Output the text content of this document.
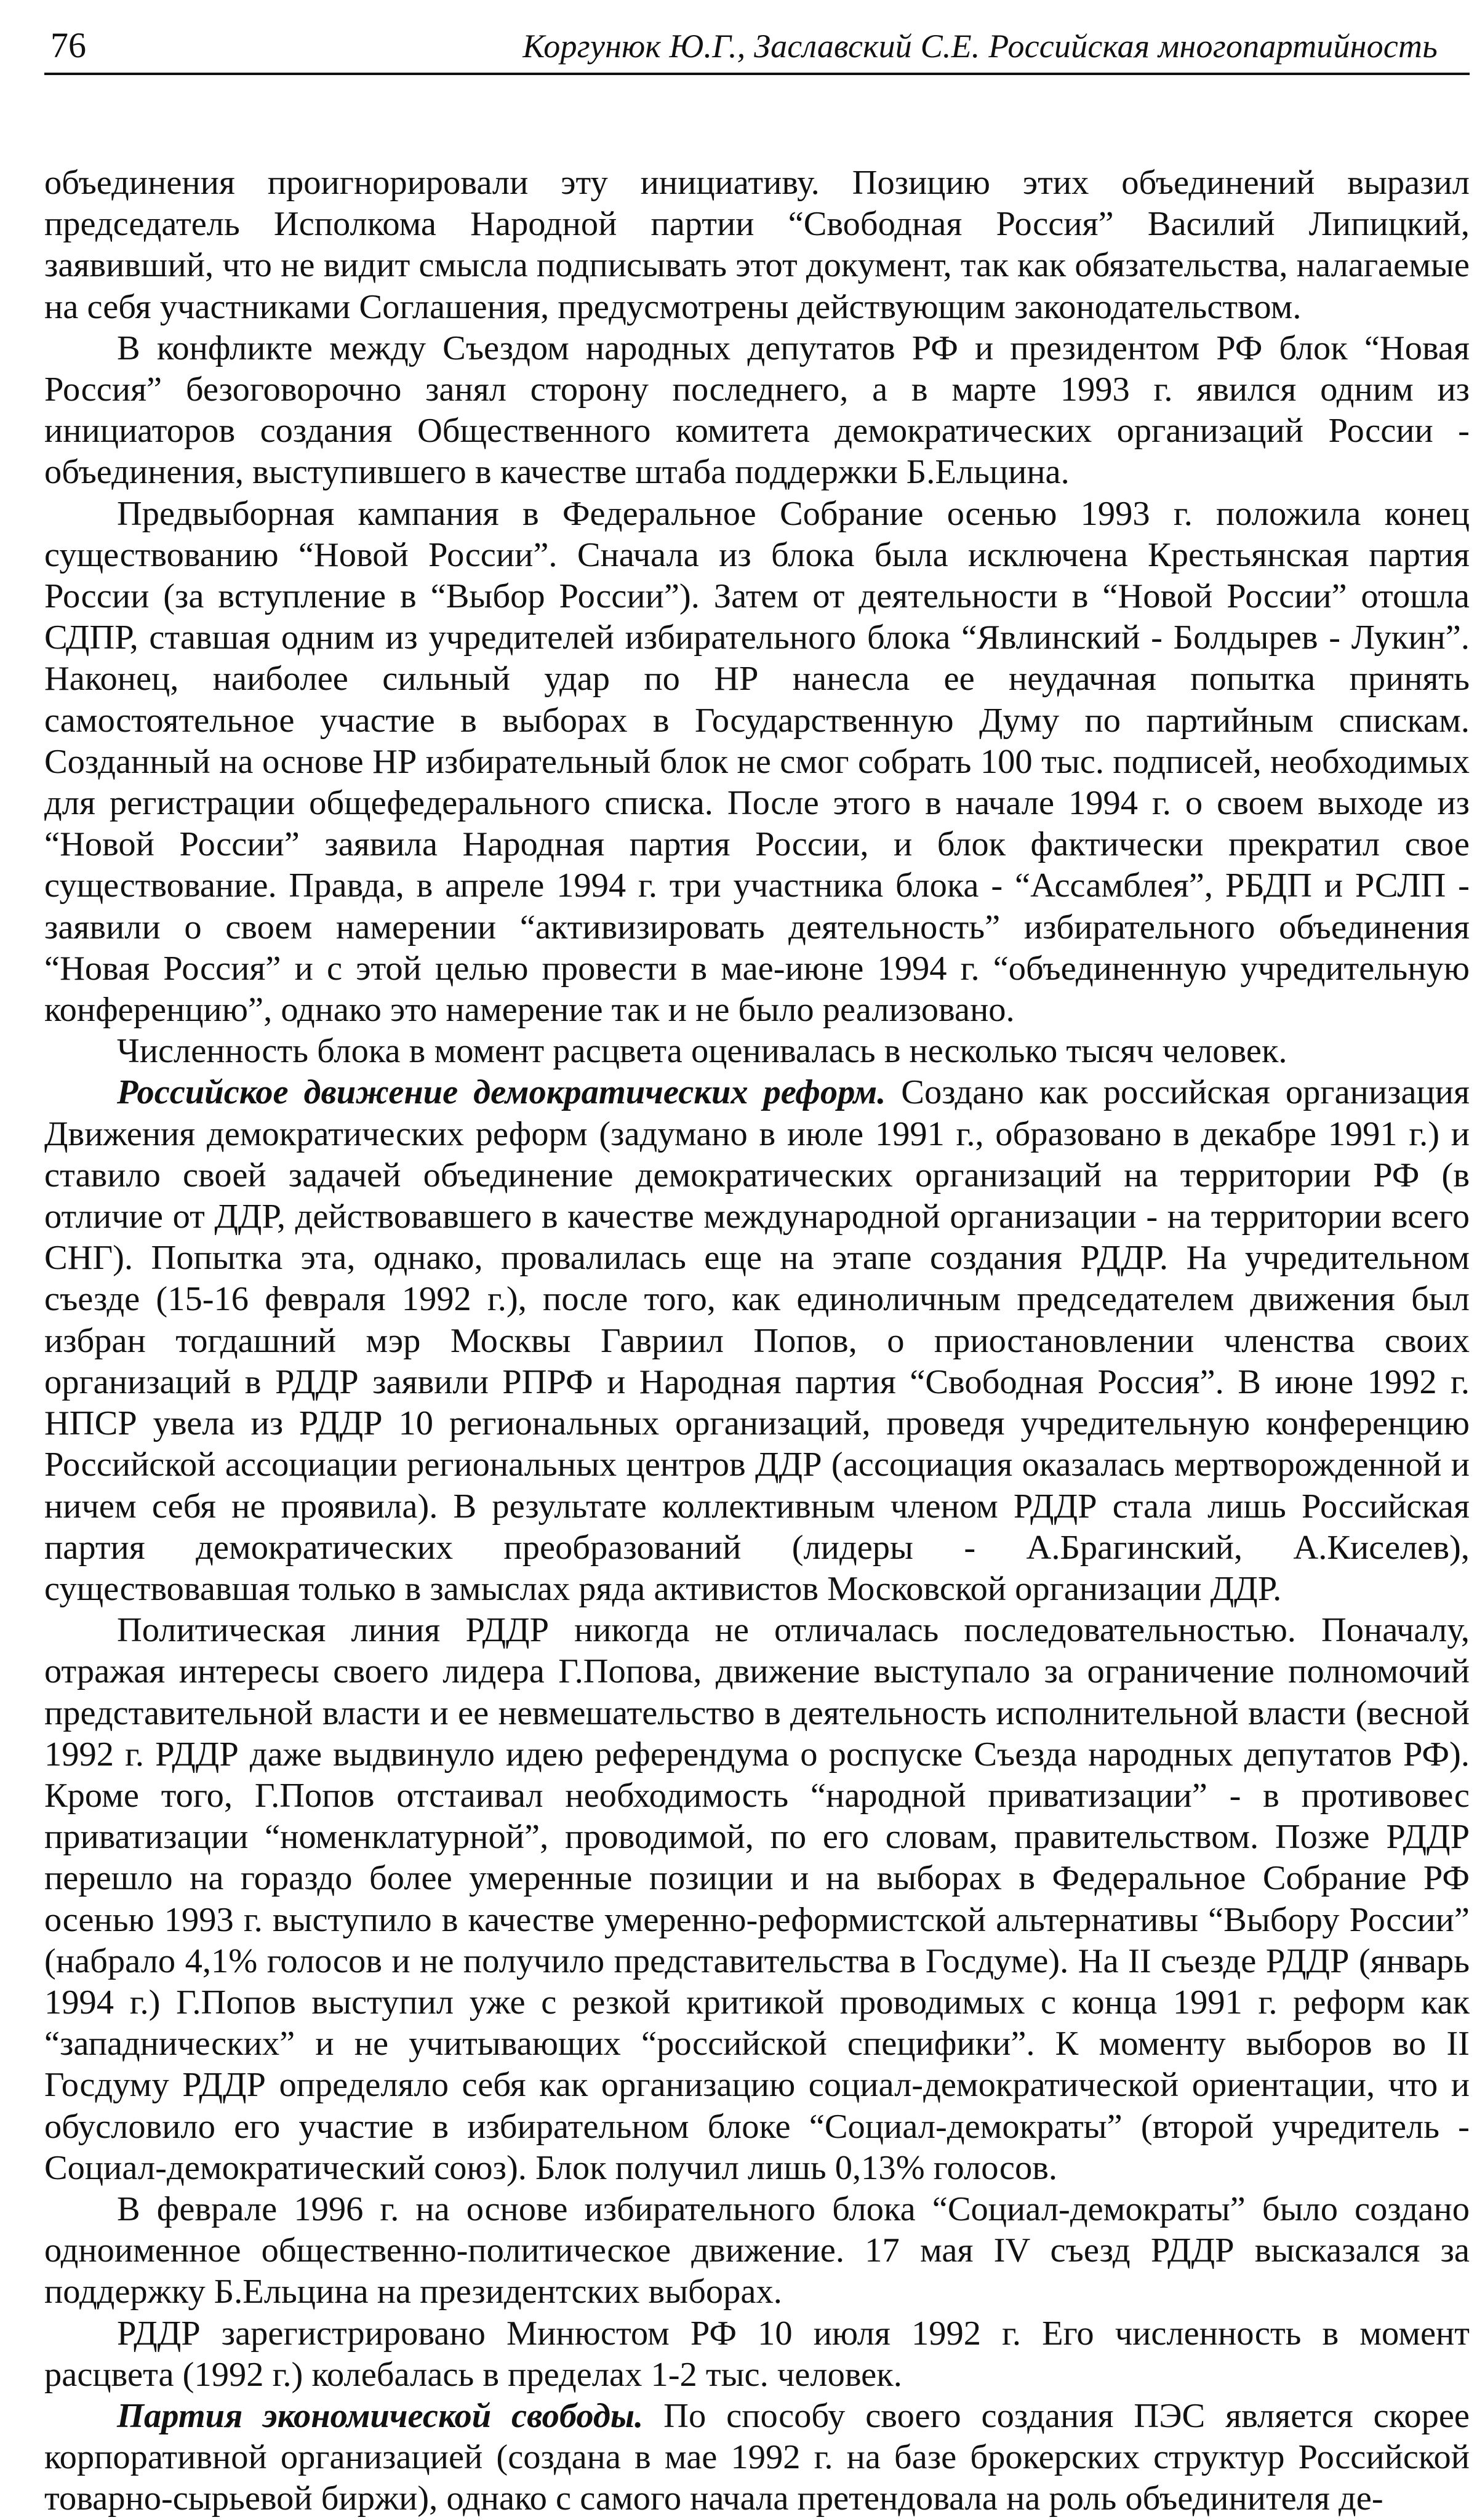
76	Коргунюк Ю.Г., Заславский С.Е. Российская многопартийность

объединения проигнорировали эту инициативу. Позицию этих объединений выразил председатель Исполкома Народной партии “Свободная Россия” Василий Липицкий, заявивший, что не видит смысла подписывать этот документ, так как обязательства, налагаемые на себя участниками Соглашения, предусмотрены действующим законодательством.

В конфликте между Съездом народных депутатов РФ и президентом РФ блок “Новая Россия” безоговорочно занял сторону последнего, а в марте 1993 г. явился одним из инициаторов создания Общественного комитета демократических организаций России - объединения, выступившего в качестве штаба поддержки Б.Ельцина.

Предвыборная кампания в Федеральное Собрание осенью 1993 г. положила конец существованию “Новой России”. Сначала из блока была исключена Крестьянская партия России (за вступление в “Выбор России”). Затем от деятельности в “Новой России” отошла СДПР, ставшая одним из учредителей избирательного блока “Явлинский - Болдырев - Лукин”. Наконец, наиболее сильный удар по НР нанесла ее неудачная попытка принять самостоятельное участие в выборах в Государственную Думу по партийным спискам. Созданный на основе НР избирательный блок не смог собрать 100 тыс. подписей, необходимых для регистрации общефедерального списка. После этого в начале 1994 г. о своем выходе из “Новой России” заявила Народная партия России, и блок фактически прекратил свое существование. Правда, в апреле 1994 г. три участника блока - “Ассамблея”, РБДП и РСЛП - заявили о своем намерении “активизировать деятельность” избирательного объединения “Новая Россия” и с этой целью провести в мае-июне 1994 г. “объединенную учредительную конференцию”, однако это намерение так и не было реализовано.

Численность блока в момент расцвета оценивалась в несколько тысяч человек.

Российское движение демократических реформ. Создано как российская организация Движения демократических реформ (задумано в июле 1991 г., образовано в декабре 1991 г.) и ставило своей задачей объединение демократических организаций на территории РФ (в отличие от ДДР, действовавшего в качестве международной организации - на территории всего СНГ). Попытка эта, однако, провалилась еще на этапе создания РДДР. На учредительном съезде (15-16 февраля 1992 г.), после того, как единоличным председателем движения был избран тогдашний мэр Москвы Гавриил Попов, о приостановлении членства своих организаций в РДДР заявили РПРФ и Народная партия “Свободная Россия”. В июне 1992 г. НПСР увела из РДДР 10 региональных организаций, проведя учредительную конференцию Российской ассоциации региональных центров ДДР (ассоциация оказалась мертворожденной и ничем себя не проявила). В результате коллективным членом РДДР стала лишь Российская партия демократических преобразований (лидеры - А.Брагинский, А.Киселев), существовавшая только в замыслах ряда активистов Московской организации ДДР.

Политическая линия РДДР никогда не отличалась последовательностью. Поначалу, отражая интересы своего лидера Г.Попова, движение выступало за ограничение полномочий представительной власти и ее невмешательство в деятельность исполнительной власти (весной 1992 г. РДДР даже выдвинуло идею референдума о роспуске Съезда народных депутатов РФ). Кроме того, Г.Попов отстаивал необходимость “народной приватизации” - в противовес приватизации “номенклатурной”, проводимой, по его словам, правительством. Позже РДДР перешло на гораздо более умеренные позиции и на выборах в Федеральное Собрание РФ осенью 1993 г. выступило в качестве умеренно-реформистской альтернативы “Выбору России” (набрало 4,1% голосов и не получило представительства в Госдуме). На II съезде РДДР (январь 1994 г.) Г.Попов выступил уже с резкой критикой проводимых с конца 1991 г. реформ как “западнических” и не учитывающих “российской специфики”. К моменту выборов во II Госдуму РДДР определяло себя как организацию социал-демократической ориентации, что и обусловило его участие в избирательном блоке “Социал-демократы” (второй учредитель - Социал-демократический союз). Блок получил лишь 0,13% голосов.

В феврале 1996 г. на основе избирательного блока “Социал-демократы” было создано одноименное общественно-политическое движение. 17 мая IV съезд РДДР высказался за поддержку Б.Ельцина на президентских выборах.

РДДР зарегистрировано Минюстом РФ 10 июля 1992 г. Его численность в момент расцвета (1992 г.) колебалась в пределах 1-2 тыс. человек.

Партия экономической свободы. По способу своего создания ПЭС является скорее корпоративной организацией (создана в мае 1992 г. на базе брокерских структур Российской товарно-сырьевой биржи), однако с самого начала претендовала на роль объединителя де-
